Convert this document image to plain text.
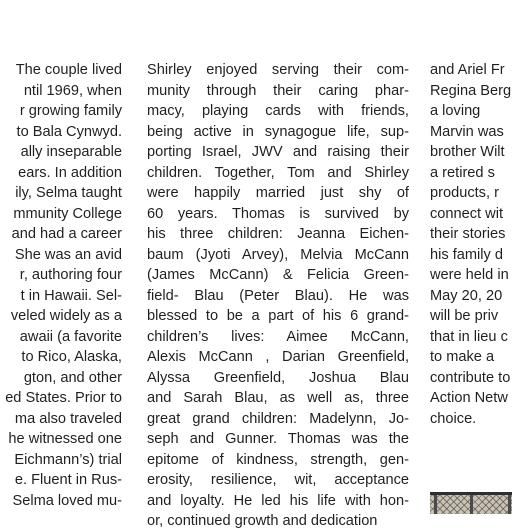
The couple lived
ntil 1969, when
r growing family
to Bala Cynwyd.
ally inseparable
ears. In addition
ily, Selma taught
mmunity College
and had a career
She was an avid
r, authoring four
t in Hawaii. Sel-
veled widely as a
awaii (a favorite
to Rico, Alaska,
gton, and other
ed States. Prior to
ma also traveled
he witnessed one
Eichmann’s) trial
e. Fluent in Rus-
Selma loved mu-
Shirley enjoyed serving their com-
munity through their caring phar-
macy, playing cards with friends,
being active in synagogue life, sup-
porting Israel, JWV and raising their
children. Together, Tom and Shirley
were happily married just shy of
60 years. Thomas is survived by
his three children: Jeanna Eichen-
baum (Jyoti Arvey), Melvia McCann
(James McCann) & Felicia Green-
field- Blau (Peter Blau). He was
blessed to be a part of his 6 grand-
children’s lives: Aimee McCann,
Alexis McCann , Darian Greenfield,
Alyssa Greenfield, Joshua Blau
and Sarah Blau, as well as, three
great grand children: Madelynn, Jo-
seph and Gunner. Thomas was the
epitome of kindness, strength, gen-
erosity, resilience, wit, acceptance
and loyalty. He led his life with hon-
or, continued growth and dedication
and Ariel Fr
Regina Berg
a loving
Marvin was
brother Wilt
a retired s
products, r
connect wit
their stories
his family d
were held in
May 20, 20
will be priv
that in lieu c
to make a
contribute to
Action Netw
choice.
